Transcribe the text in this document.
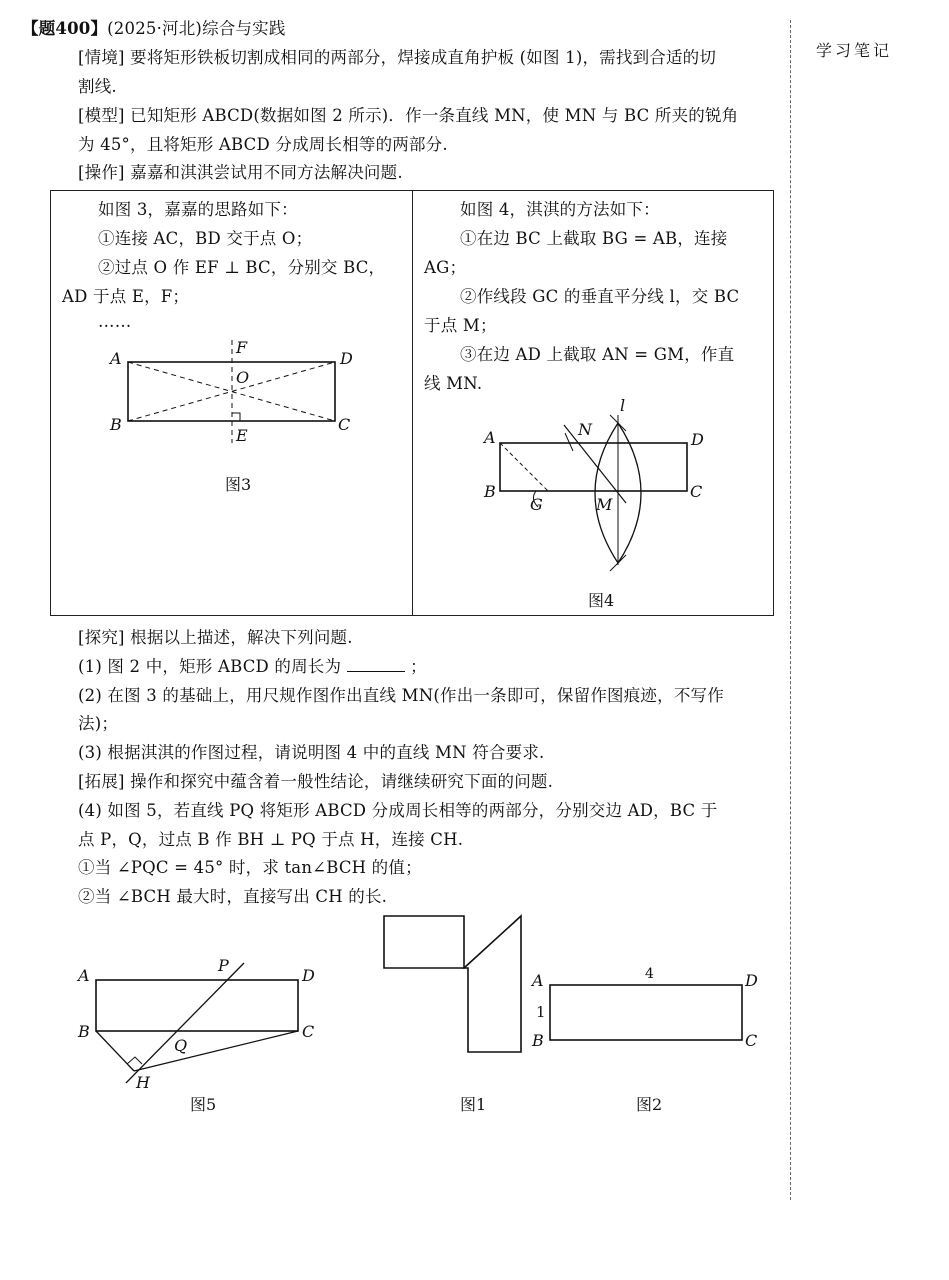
学习笔记
【题400】(2025·河北)综合与实践
[情境] 要将矩形铁板切割成相同的两部分，焊接成直角护板 (如图 1)，需找到合适的切
割线.
[模型] 已知矩形 ABCD(数据如图 2 所示)．作一条直线 MN，使 MN 与 BC 所夹的锐角
为 45°，且将矩形 ABCD 分成周长相等的两部分.
[操作] 嘉嘉和淇淇尝试用不同方法解决问题.
如图 3，嘉嘉的思路如下：
①连接 AC，BD 交于点 O；
②过点 O 作 EF ⊥ BC，分别交 BC，
AD 于点 E，F；
……
如图 4，淇淇的方法如下：
①在边 BC 上截取 BG = AB，连接
AG；
②作线段 GC 的垂直平分线 l，交 BC
于点 M；
③在边 AD 上截取 AN = GM，作直
线 MN.
A
B	C
D
O
E
F
图3
A
B	C
D
G	M
N
l
图4
[探究] 根据以上描述，解决下列问题.
(1) 图 2 中，矩形 ABCD 的周长为	；
(2) 在图 3 的基础上，用尺规作图作出直线 MN(作出一条即可，保留作图痕迹，不写作
法)；
(3) 根据淇淇的作图过程，请说明图 4 中的直线 MN 符合要求.
[拓展] 操作和探究中蕴含着一般性结论，请继续研究下面的问题.
(4) 如图 5，若直线 PQ 将矩形 ABCD 分成周长相等的两部分，分别交边 AD，BC 于
点 P，Q，过点 B 作 BH ⊥ PQ 于点 H，连接 CH.
①当 ∠PQC = 45° 时，求 tan∠BCH 的值；
②当 ∠BCH 最大时，直接写出 CH 的长.
A
B	C
D
P
Q
H
图5	图1
A
B	C
D
4
1
图2
